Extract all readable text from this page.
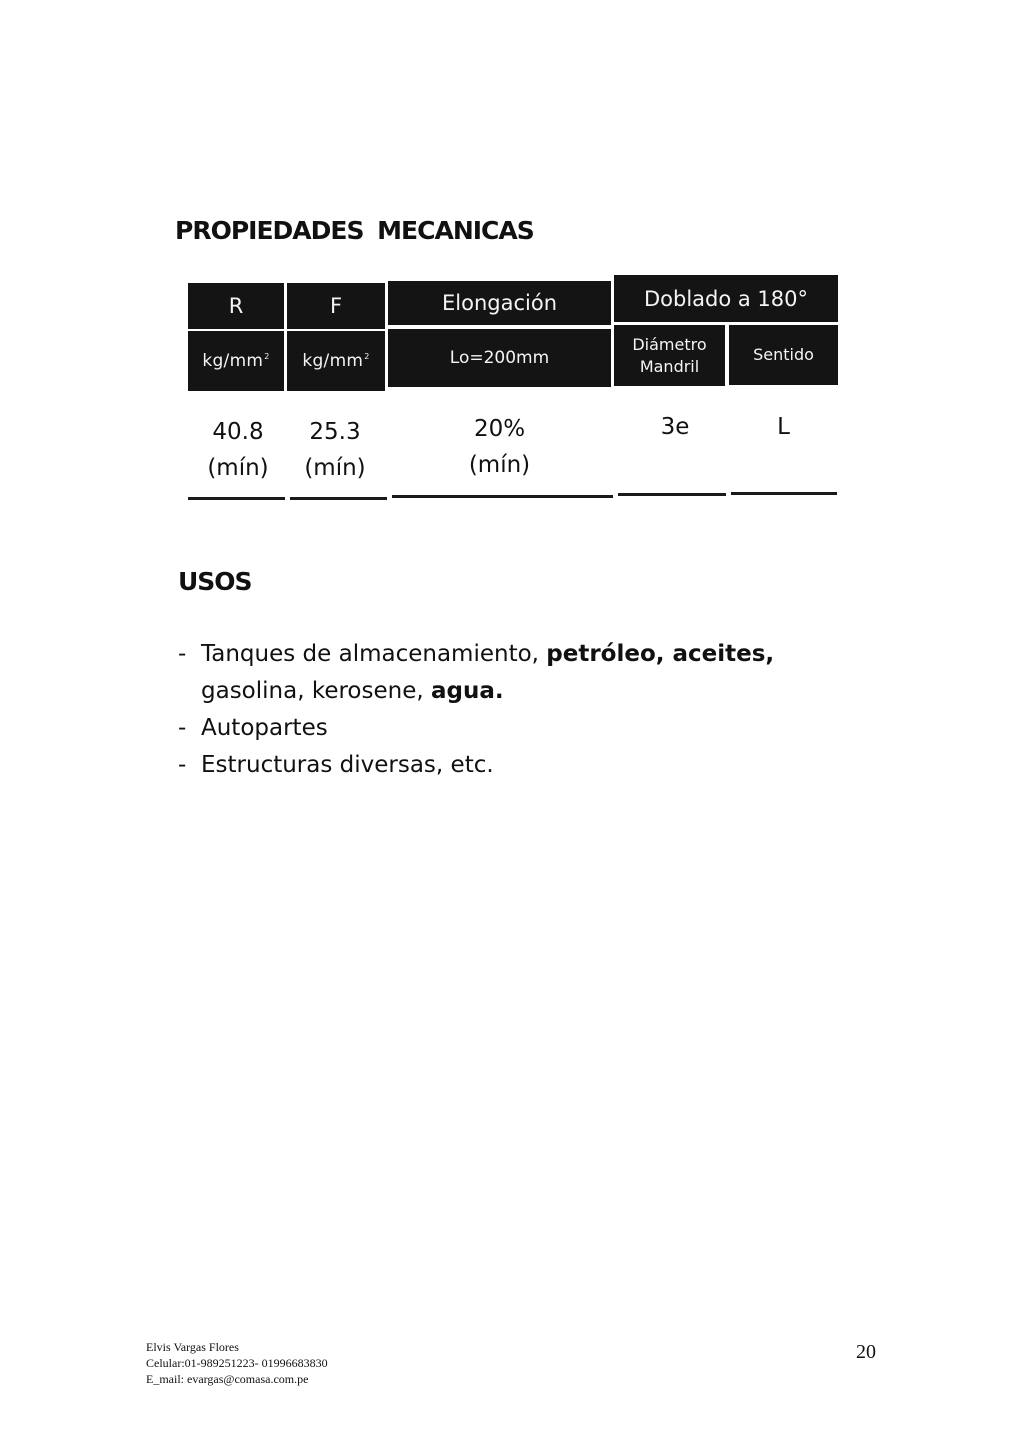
PROPIEDADES MECANICAS
R
$kg/mm^2$
F
$kg/mm^2$
Elongación
Lo=200mm
Doblado a 180°
Diámetro
Mandril
Sentido
40.8
(mín)
25.3
(mín)
20%
(mín)
3e	L
USOS
- Tanques de almacenamiento, petróleo, aceites,
gasolina, kerosene, agua.
- Autopartes
- Estructuras diversas, etc.
Elvis Vargas Flores
Celular:01-989251223- 01996683830
E_mail: evargas@comasa.com.pe
20
